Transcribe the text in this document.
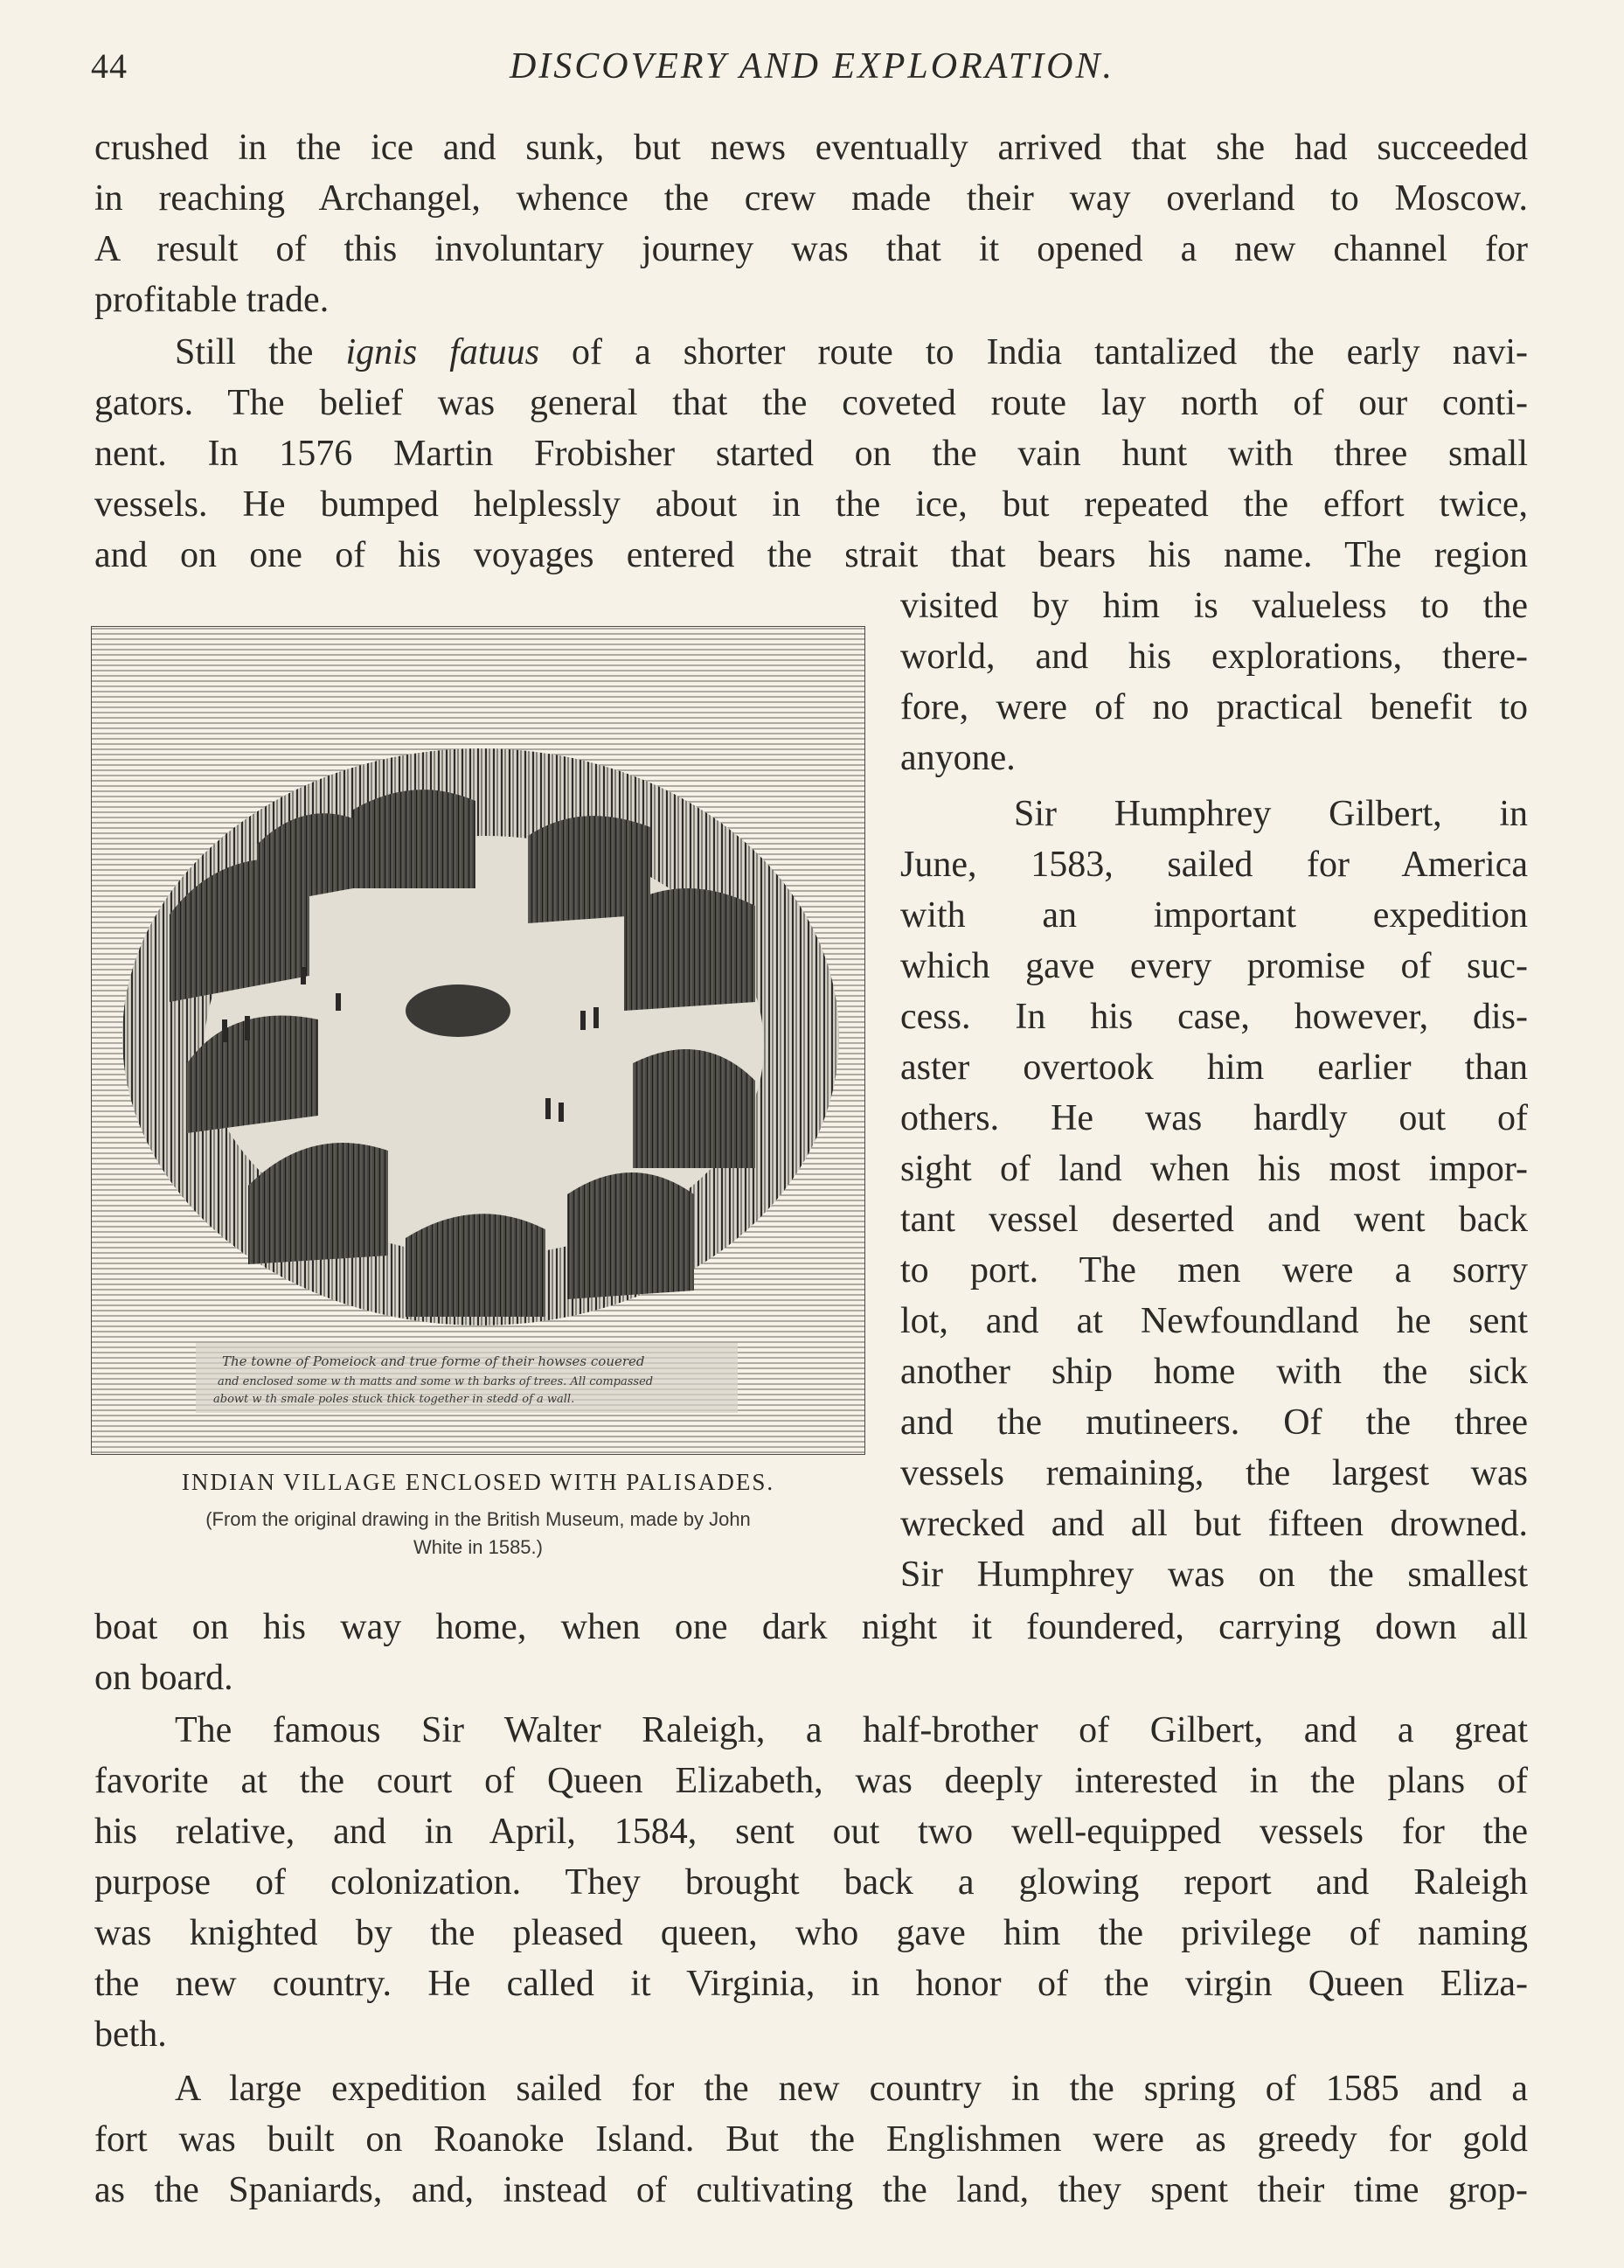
44	DISCOVERY AND EXPLORATION.
crushed in the ice and sunk, but news eventually arrived that she had succeeded
in reaching Archangel, whence the crew made their way overland to Moscow.
A result of this involuntary journey was that it opened a new channel for
profitable trade.
Still the ignis fatuus of a shorter route to India tantalized the early navi-
gators. The belief was general that the coveted route lay north of our conti-
nent. In 1576 Martin Frobisher started on the vain hunt with three small
vessels. He bumped helplessly about in the ice, but repeated the effort twice,
and on one of his voyages entered the strait that bears his name. The region
visited by him is valueless to the
world, and his explorations, there-
fore, were of no practical benefit to
anyone.
Sir Humphrey Gilbert, in
June, 1583, sailed for America
with an important expedition
which gave every promise of suc-
cess. In his case, however, dis-
aster overtook him earlier than
others. He was hardly out of
sight of land when his most impor-
tant vessel deserted and went back
to port. The men were a sorry
lot, and at Newfoundland he sent
another ship home with the sick
and the mutineers. Of the three
vessels remaining, the largest was
wrecked and all but fifteen drowned.
Sir Humphrey was on the smallest
boat on his way home, when one dark night it foundered, carrying down all
on board.
The famous Sir Walter Raleigh, a half-brother of Gilbert, and a great
favorite at the court of Queen Elizabeth, was deeply interested in the plans of
his relative, and in April, 1584, sent out two well-equipped vessels for the
purpose of colonization. They brought back a glowing report and Raleigh
was knighted by the pleased queen, who gave him the privilege of naming
the new country. He called it Virginia, in honor of the virgin Queen Eliza-
beth.
A large expedition sailed for the new country in the spring of 1585 and a
fort was built on Roanoke Island. But the Englishmen were as greedy for gold
as the Spaniards, and, instead of cultivating the land, they spent their time grop-
The towne of Pomeiock and true forme of their howses couered
and enclosed some w th matts and some w th barks of trees. All compassed
abowt w th smale poles stuck thick together in stedd of a wall.
INDIAN VILLAGE ENCLOSED WITH PALISADES.
(From the original drawing in the British Museum, made by John
White in 1585.)
